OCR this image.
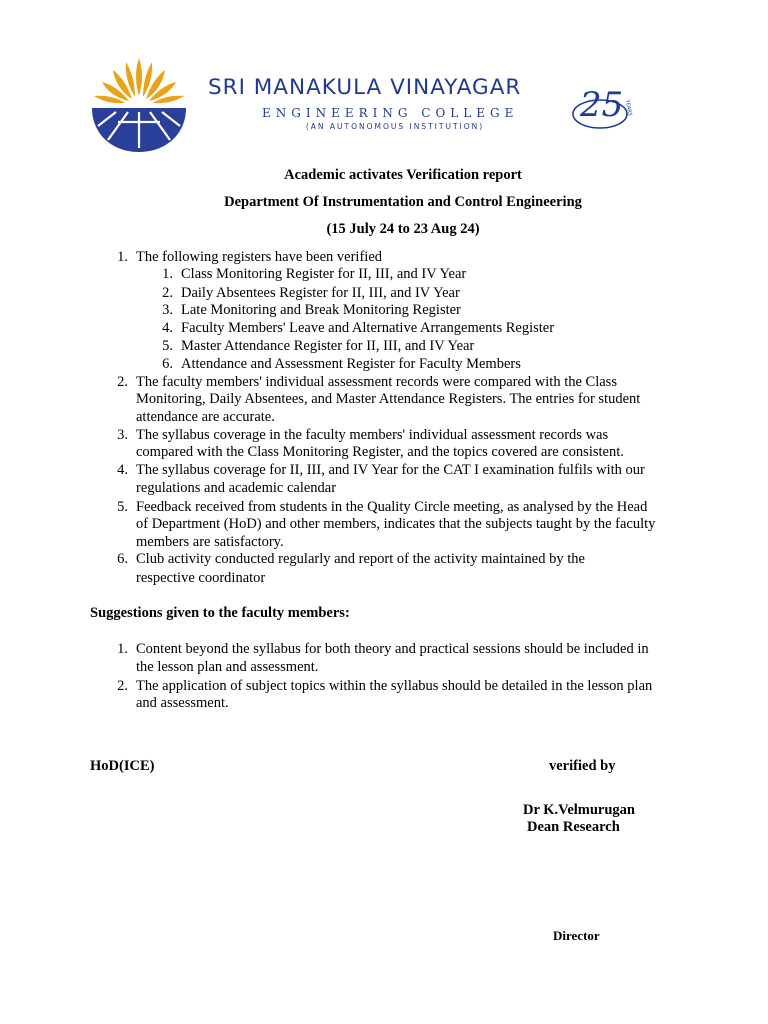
SRI MANAKULA VINAYAGAR
ENGINEERING COLLEGE
(AN AUTONOMOUS INSTITUTION)
25 YEARS
Academic activates Verification report
Department Of Instrumentation and Control Engineering
(15 July 24 to 23 Aug 24)
1. The following registers have been verified
1. Class Monitoring Register for II, III, and IV Year
2. Daily Absentees Register for II, III, and IV Year
3. Late Monitoring and Break Monitoring Register
4. Faculty Members' Leave and Alternative Arrangements Register
5. Master Attendance Register for II, III, and IV Year
6. Attendance and Assessment Register for Faculty Members
2. The faculty members' individual assessment records were compared with the Class
Monitoring, Daily Absentees, and Master Attendance Registers. The entries for student
attendance are accurate.
3. The syllabus coverage in the faculty members' individual assessment records was
compared with the Class Monitoring Register, and the topics covered are consistent.
4. The syllabus coverage for II, III, and IV Year for the CAT I examination fulfils with our
regulations and academic calendar
5. Feedback received from students in the Quality Circle meeting, as analysed by the Head
of Department (HoD) and other members, indicates that the subjects taught by the faculty
members are satisfactory.
6. Club activity conducted regularly and report of the activity maintained by the
respective coordinator
Suggestions given to the faculty members:
1. Content beyond the syllabus for both theory and practical sessions should be included in
the lesson plan and assessment.
2. The application of subject topics within the syllabus should be detailed in the lesson plan
and assessment.
HoD(ICE)	verified by
Dr K.Velmurugan
Dean Research
Director
